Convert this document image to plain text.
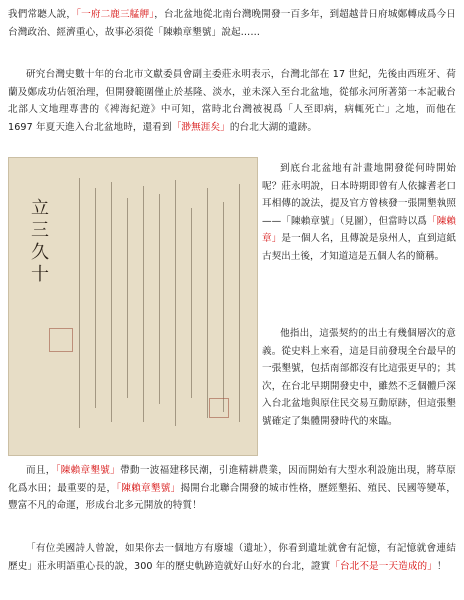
我們常聽人說，「一府二鹿三艋舺」，台北盆地從北南台灣晚開發一百多年，到超越昔日府城鄭轉成爲今日台灣政治、經濟重心，故事必須從「陳賴章墾號」說起……
研究台灣史數十年的台北市文獻委員會副主委莊永明表示，台灣北部在 17 世紀，先後由西班牙、荷蘭及鄭成功佔領治理，但開發範圍僅止於基隆、淡水，並未深入至台北盆地，從郁永河所著第一本記載台北部人文地理專書的《裨海紀遊》中可知，當時北台灣被視爲「人至即病，病輒死亡」之地，而他在 1697 年夏天進入台北盆地時，還看到「渺無涯矣」的台北大湖的遺跡。
立
三
久
十
到底台北盆地有計畫地開發從何時開始呢？莊永明說，日本時期即曾有人依據耆老口耳相傳的說法，提及官方曾核發一張開墾執照——「陳賴章號」（見圖），但當時以爲「陳賴章」是一個人名，且傳說是泉州人，直到這紙古契出土後，才知道這是五個人名的簡稱。
他指出，這張契約的出土有幾個層次的意義。從史料上來看，這是目前發現全台最早的一張墾號，包括南部都沒有比這張更早的；其次，在台北早期開發史中，雖然不乏個體戶深入台北盆地與原住民交易互動原跡，但這張墾號確定了集體開發時代的來臨。
而且，「陳賴章墾號」帶動一波福建移民潮，引進精耕農業，因而開始有大型水利設施出現，將草原化爲水田；最重要的是，「陳賴章墾號」揭開台北聯合開發的城市性格，歷經墾拓、殖民、民國等變革，豐富不凡的命運，形成台北多元開放的特質！
「有位美國詩人曾說，如果你去一個地方有廢墟（遺址），你看到遺址就會有記憶，有記憶就會連結歷史」莊永明語重心長的說，300 年的歷史軌跡造就好山好水的台北，證實「台北不是一天造成的」！
